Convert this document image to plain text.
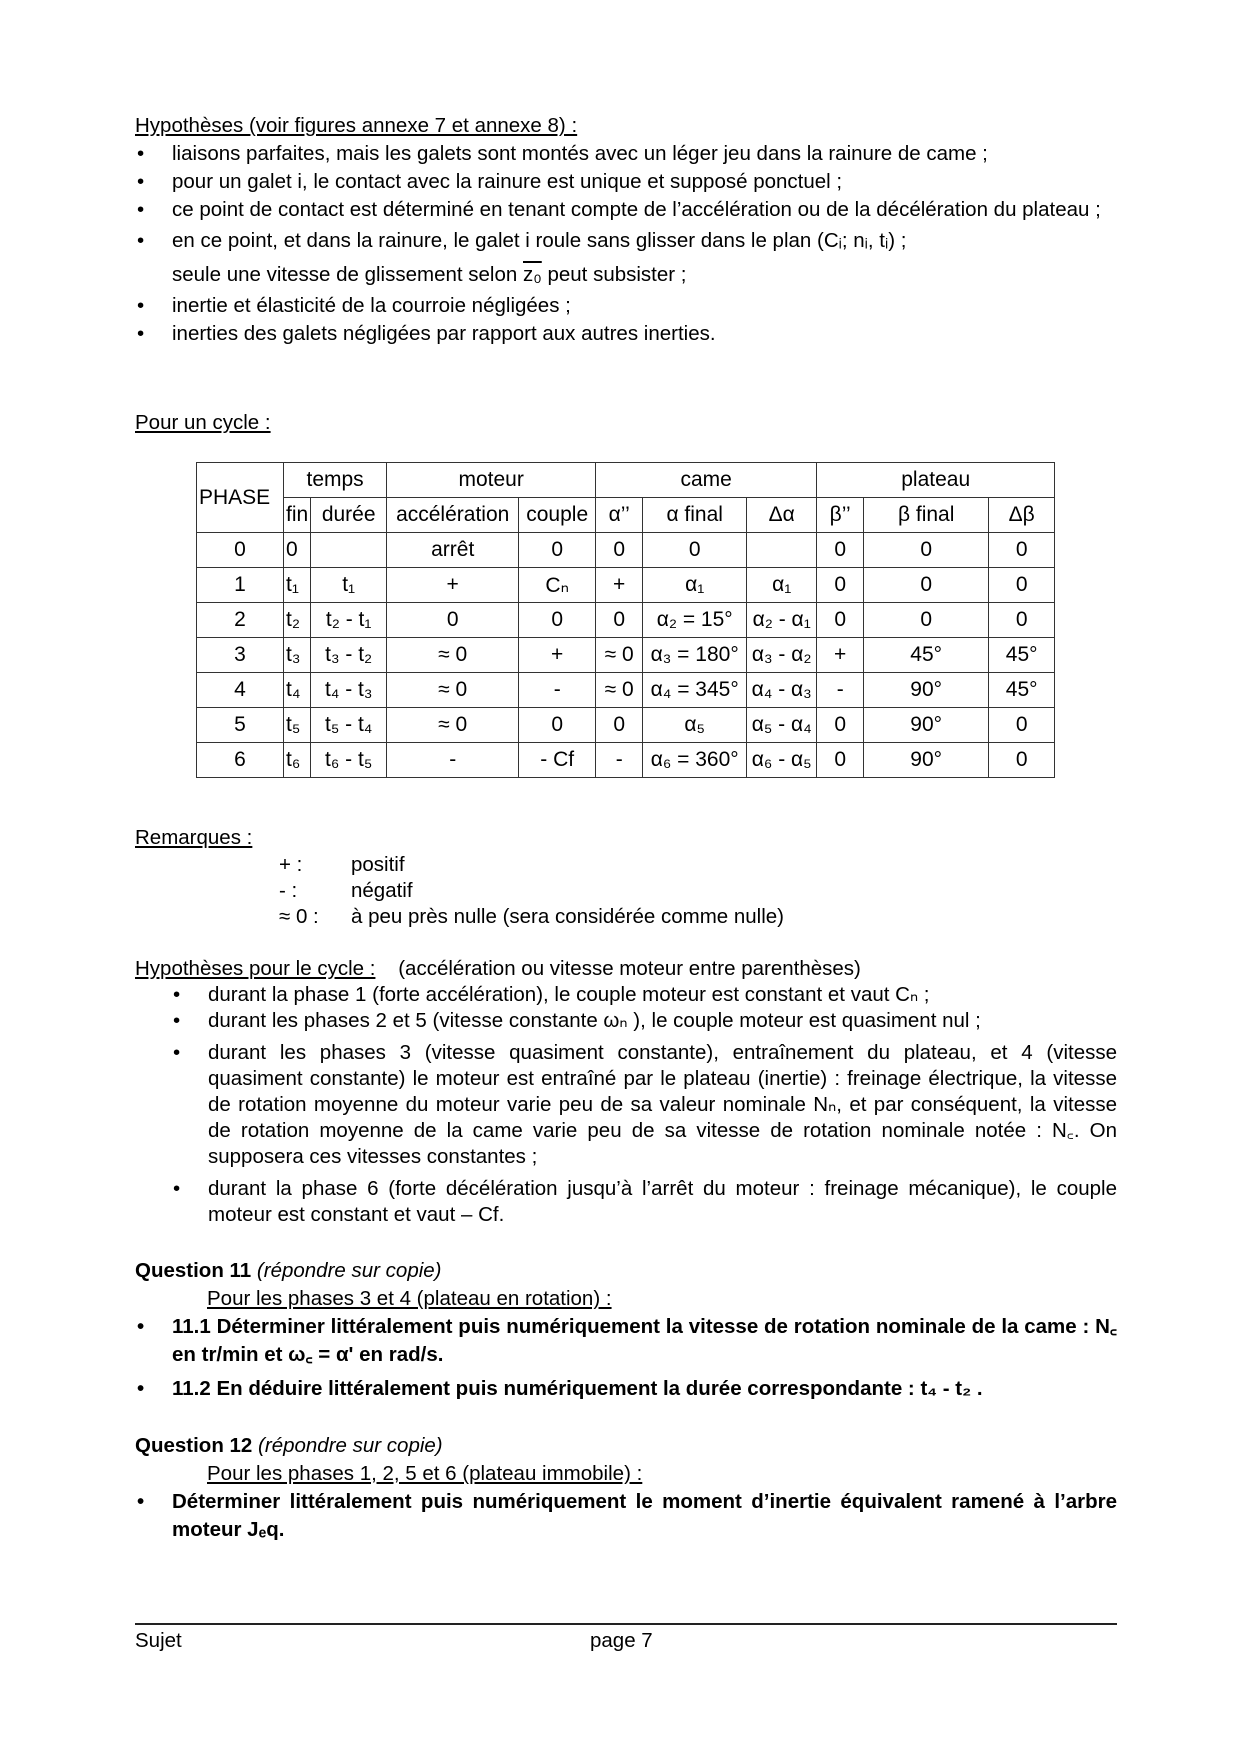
Hypothèses (voir figures annexe 7 et annexe 8) :
• liaisons parfaites, mais les galets sont montés avec un léger jeu dans la rainure de came ;
• pour un galet i, le contact avec la rainure est unique et supposé ponctuel ;
• ce point de contact est déterminé en tenant compte de l’accélération ou de la décélération du plateau ;
• en ce point, et dans la rainure, le galet i roule sans glisser dans le plan (Cᵢ; nᵢ, tᵢ) ;
seule une vitesse de glissement selon z₀ peut subsister ;
• inertie et élasticité de la courroie négligées ;
• inerties des galets négligées par rapport aux autres inerties.
Pour un cycle :
PHASE	temps		moteur		came			plateau		
	fin	durée	accélération	couple	α’’	α final	Δα	β’’	β final	Δβ
0	0		arrêt	0	0	0		0	0	0
1	t₁	t₁	+	Cₙ	+	α₁	α₁	0	0	0
2	t₂	t₂ - t₁	0	0	0	α₂ = 15°	α₂ - α₁	0	0	0
3	t₃	t₃ - t₂	≈ 0	+	≈ 0	α₃ = 180°	α₃ - α₂	+	45°	45°
4	t₄	t₄ - t₃	≈ 0	-	≈ 0	α₄ = 345°	α₄ - α₃	-	90°	45°
5	t₅	t₅ - t₄	≈ 0	0	0	α₅	α₅ - α₄	0	90°	0
6	t₆	t₆ - t₅	-	- Cf	-	α₆ = 360°	α₆ - α₅	0	90°	0
Remarques :
+ :	positif
- :	négatif
≈ 0 :	à peu près nulle (sera considérée comme nulle)
Hypothèses pour le cycle : (accélération ou vitesse moteur entre parenthèses)
• durant la phase 1 (forte accélération), le couple moteur est constant et vaut Cₙ ;
• durant les phases 2 et 5 (vitesse constante ωₙ ), le couple moteur est quasiment nul ;
• durant les phases 3 (vitesse quasiment constante), entraînement du plateau, et 4 (vitesse quasiment constante) le moteur est entraîné par le plateau (inertie) : freinage électrique, la vitesse de rotation moyenne du moteur varie peu de sa valeur nominale Nₙ, et par conséquent, la vitesse de rotation moyenne de la came varie peu de sa vitesse de rotation nominale notée : N꜀. On supposera ces vitesses constantes ;
• durant la phase 6 (forte décélération jusqu’à l’arrêt du moteur : freinage mécanique), le couple moteur est constant et vaut – Cf.
Question 11 (répondre sur copie)
Pour les phases 3 et 4 (plateau en rotation) :
• 11.1 Déterminer littéralement puis numériquement la vitesse de rotation nominale de la came : N꜀ en tr/min et ω꜀ = α' en rad/s.
• 11.2 En déduire littéralement puis numériquement la durée correspondante : t₄ - t₂ .
Question 12 (répondre sur copie)
Pour les phases 1, 2, 5 et 6 (plateau immobile) :
• Déterminer littéralement puis numériquement le moment d’inertie équivalent ramené à l’arbre moteur Jₑq.
Sujet	page 7
